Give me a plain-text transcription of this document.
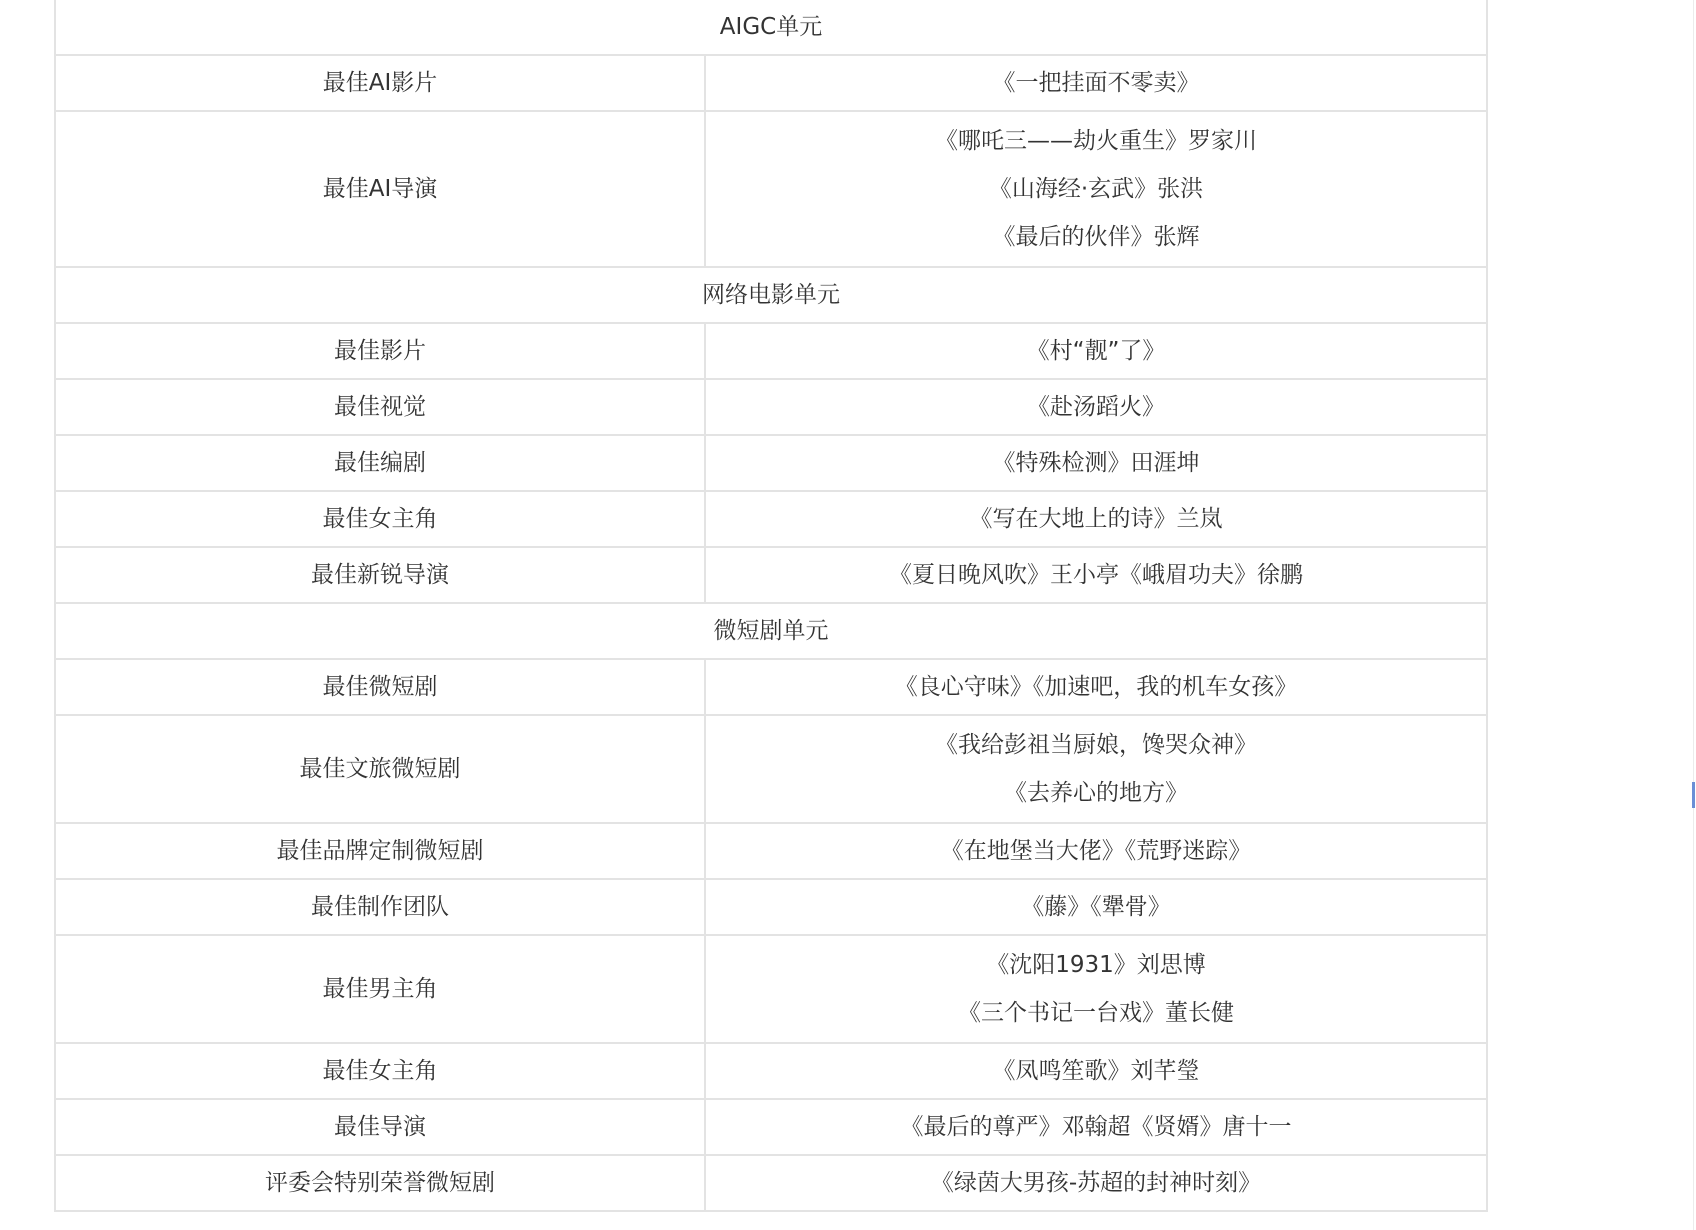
AIGC单元	
最佳AI影片	《一把挂面不零卖》

最佳AI导演	《哪吒三——劫火重生》罗家川
《山海经·玄武》张洪
《最后的伙伴》张辉

网络电影单元	
最佳影片	《村“靓”了》

最佳视觉	《赴汤蹈火》

最佳编剧	《特殊检测》田涯坤

最佳女主角	《写在大地上的诗》兰岚

最佳新锐导演	《夏日晚风吹》王小亭《峨眉功夫》徐鹏

微短剧单元	
最佳微短剧	《良心守味》《加速吧，我的机车女孩》

最佳文旅微短剧	《我给彭祖当厨娘，馋哭众神》
《去养心的地方》

最佳品牌定制微短剧	《在地堡当大佬》《荒野迷踪》

最佳制作团队	《藤》《犟骨》

最佳男主角	《沈阳1931》刘思博
《三个书记一台戏》董长健

最佳女主角	《凤鸣笙歌》刘芊瑩

最佳导演	《最后的尊严》邓翰超《贤婿》唐十一

评委会特别荣誉微短剧	《绿茵大男孩-苏超的封神时刻》
